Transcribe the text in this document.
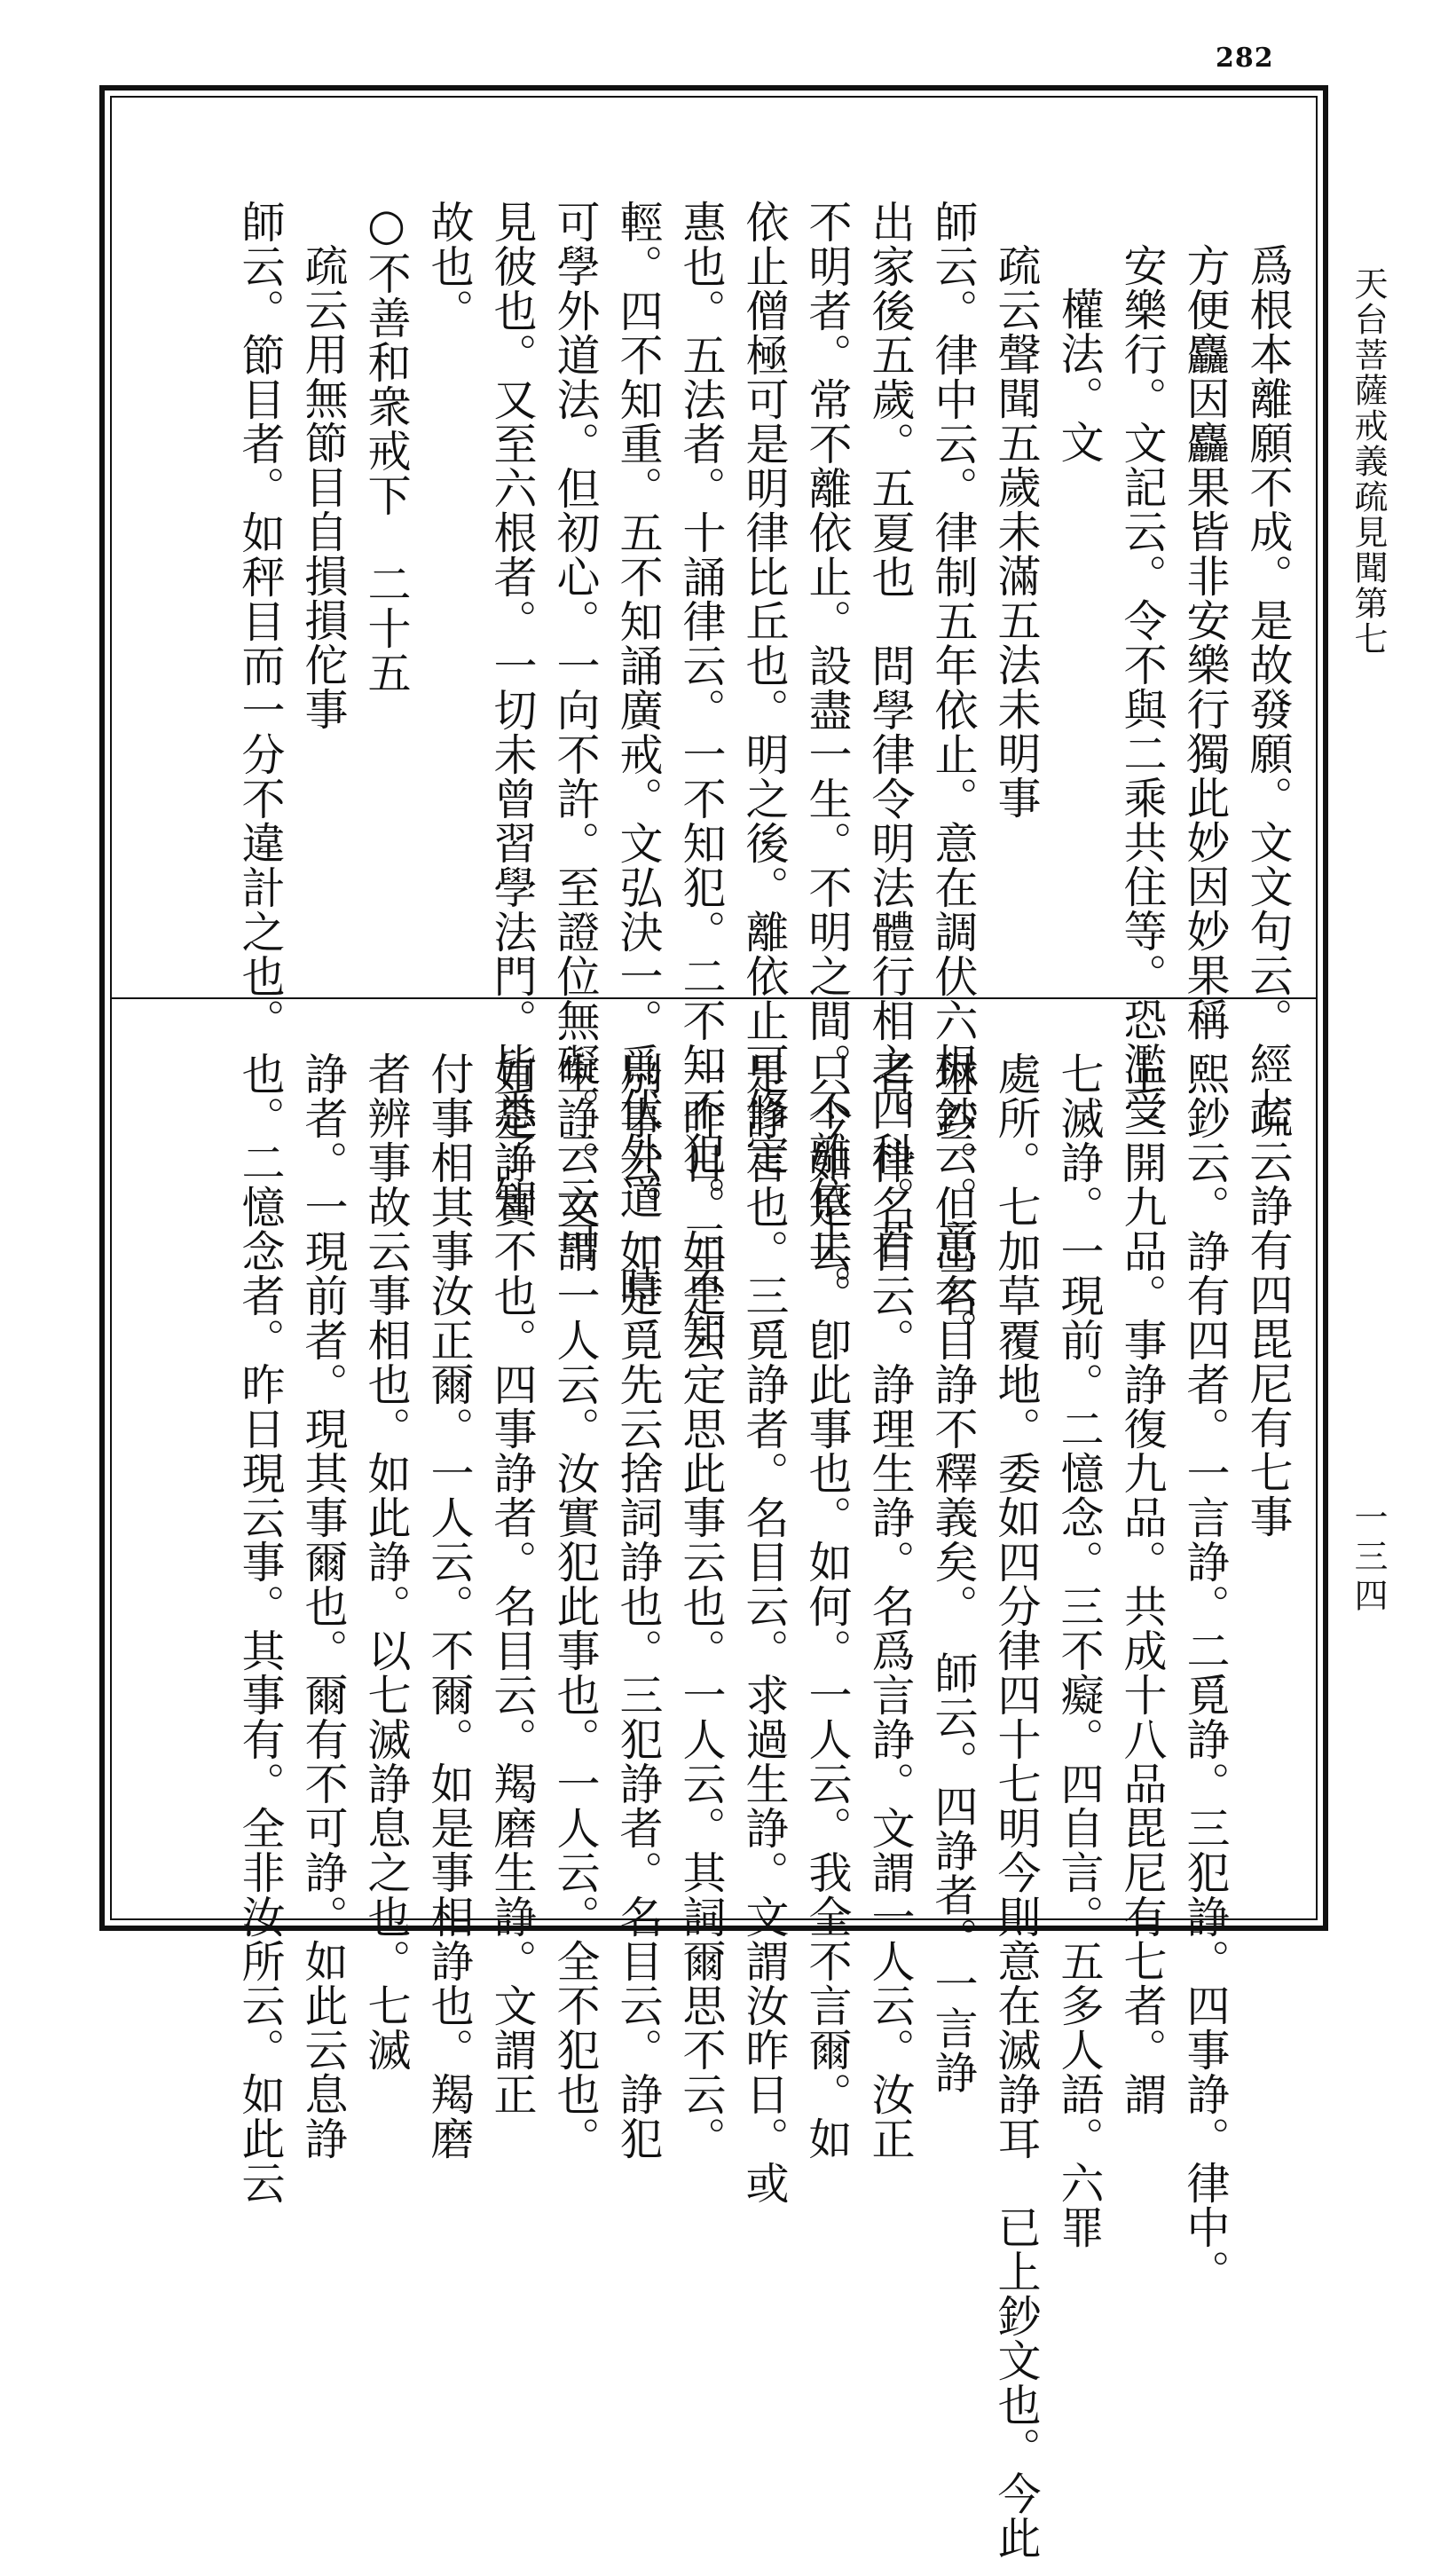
282
天台菩薩戒義疏見聞第七
一三四
爲根本離願不成。是故發願。文文句云。經七
方便麤因麤果皆非安樂行獨此妙因妙果稱
安樂行。文記云。令不與二乘共住等。恐濫受
權法。文
疏云聲聞五歲未滿五法未明事
師云。律中云。律制五年依止。意在調伏六根云云。意云。
出家後五歲。五夏也　問學律令明法體行相之四科。若
不明者。常不離依止。設盡一生。不明之間。不離依止。
依止僧極可是明律比丘也。明之後。離依止可修定
惠也。五法者。十誦律云。一不知犯。二不知不犯。三不知
輕。四不知重。五不知誦廣戒。文弘決一。爲伏外道一時
可學外道法。但初心。一向不許。至證位無礙。云云可
見彼也。又至六根者。一切未曾習學法門。皆悉了知
故也。
○不善和衆戒下　二十五
疏云用無節目自損損佗事
師云。節目者。如秤目而一分不違計之也。
疏云諍有四毘尼有七事
熙鈔云。諍有四者。一言諍。二覓諍。三犯諍。四事諍。律中。
上三開九品。事諍復九品。共成十八品毘尼有七者。謂
七滅諍。一現前。二憶念。三不癡。四自言。五多人語。六罪
處所。七加草覆地。委如四分律四十七明今則意在滅諍耳　已上鈔文也。今此
琳鈔。但出名目諍不釋義矣。　師云。四諍者。一言諍
者。律名目云。諍理生諍。名爲言諍。文謂一人云。汝正
只今如是云。卽此事也。如何。一人云。我全不言爾。如
是諍言也。三覓諍者。名目云。求過生諍。文謂汝昨日。或
一昨日。如是云定思此事云也。一人云。其詞爾思不云。
別事云。如是覓先云捨詞諍也。三犯諍者。名目云。諍犯
生諍。文謂一人云。汝實犯此事也。一人云。全不犯也。
如是諍實不也。四事諍者。名目云。羯磨生諍。文謂正
付事相其事汝正爾。一人云。不爾。如是事相諍也。羯磨
者辨事故云事相也。如此諍。以七滅諍息之也。七滅
諍者。一現前者。現其事爾也。爾有不可諍。如此云息諍
也。二憶念者。昨日現云事。其事有。全非汝所云。如此云
